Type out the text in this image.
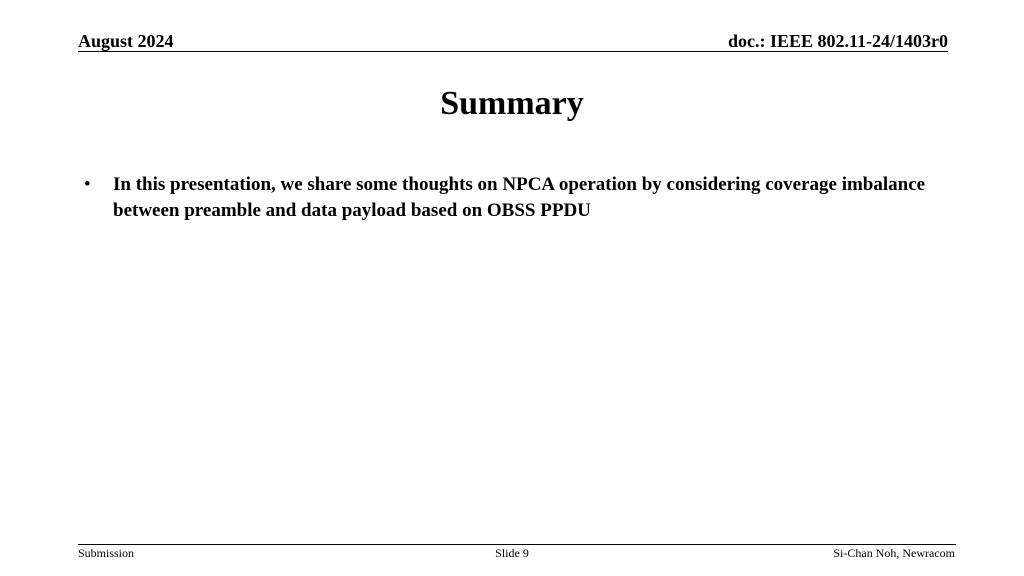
August 2024	doc.: IEEE 802.11-24/1403r0
Summary
• In this presentation, we share some thoughts on NPCA operation by considering coverage imbalance between preamble and data payload based on OBSS PPDU
Submission	Slide 9	Si-Chan Noh, Newracom
